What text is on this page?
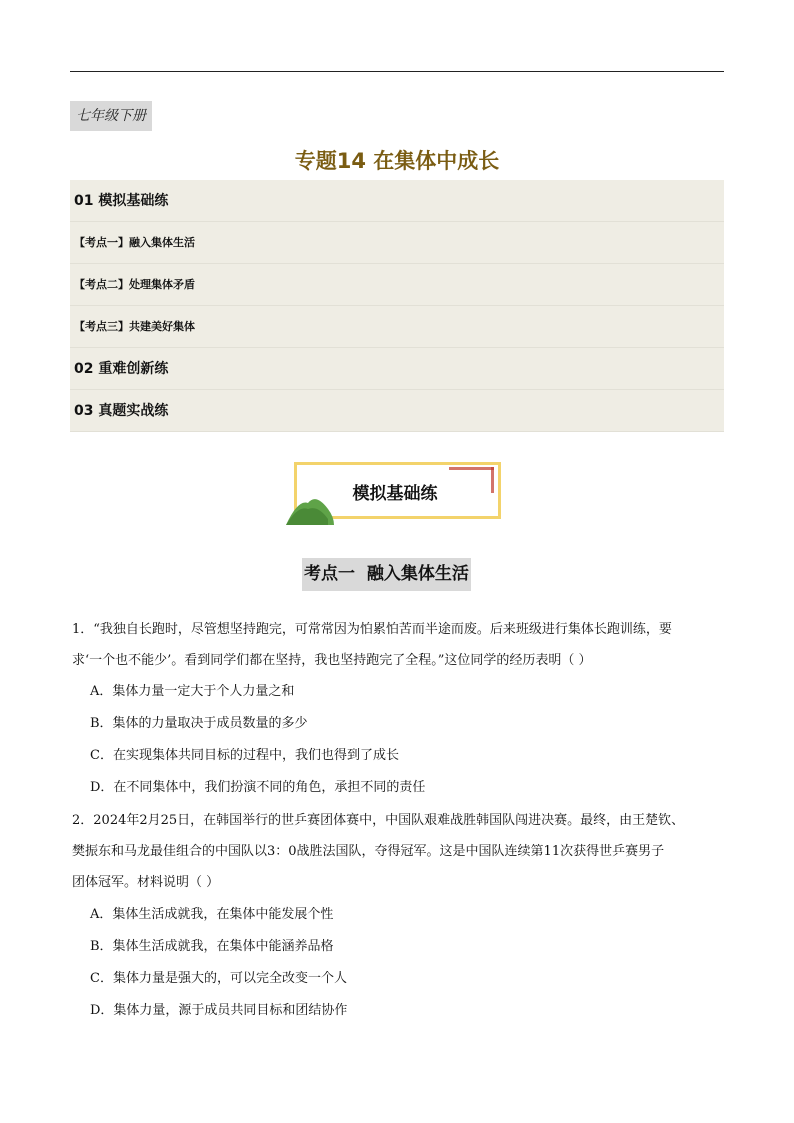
七年级下册
专题14 在集体中成长
01 模拟基础练
【考点一】融入集体生活
【考点二】处理集体矛盾
【考点三】共建美好集体
02 重难创新练
03 真题实战练
模拟基础练
考点一  融入集体生活
1．“我独自长跑时，尽管想坚持跑完，可常常因为怕累怕苦而半途而废。后来班级进行集体长跑训练，要
求‘一个也不能少’。看到同学们都在坚持，我也坚持跑完了全程。”这位同学的经历表明（ ）
A．集体力量一定大于个人力量之和
B．集体的力量取决于成员数量的多少
C．在实现集体共同目标的过程中，我们也得到了成长
D．在不同集体中，我们扮演不同的角色，承担不同的责任
2．2024年2月25日，在韩国举行的世乒赛团体赛中，中国队艰难战胜韩国队闯进决赛。最终，由王楚钦、
樊振东和马龙最佳组合的中国队以3：0战胜法国队，夺得冠军。这是中国队连续第11次获得世乒赛男子
团体冠军。材料说明（ ）
A．集体生活成就我，在集体中能发展个性
B．集体生活成就我，在集体中能涵养品格
C．集体力量是强大的，可以完全改变一个人
D．集体力量，源于成员共同目标和团结协作
